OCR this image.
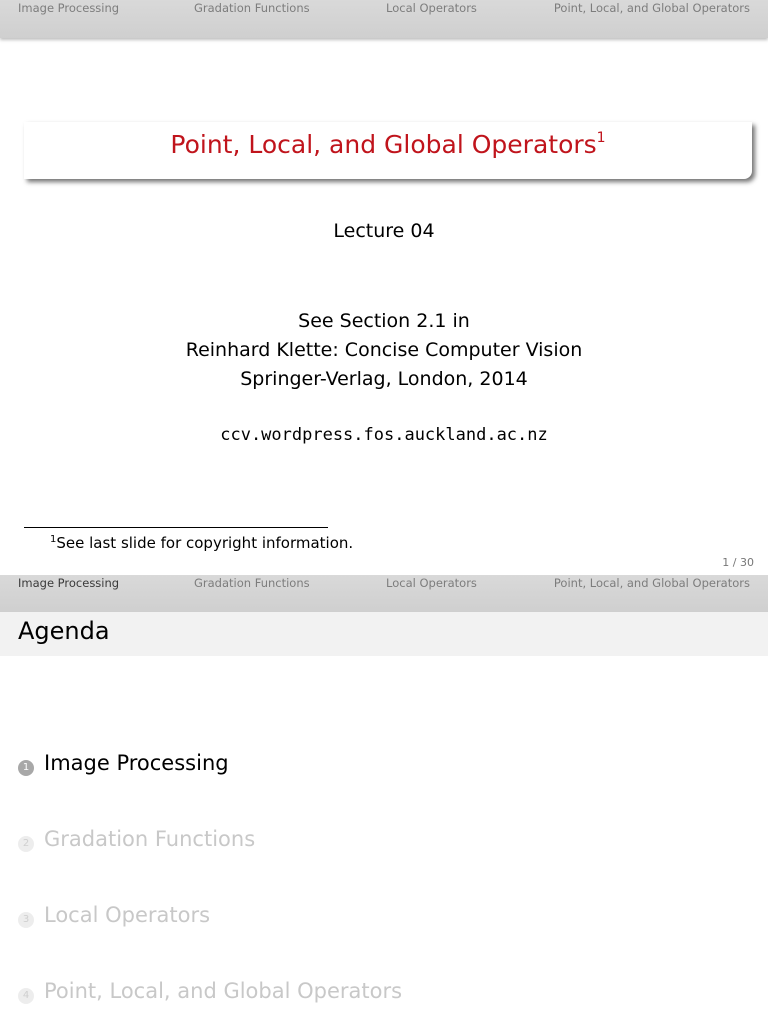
Image Processing	Gradation Functions	Local Operators	Point, Local, and Global Operators
Point, Local, and Global Operators$^1$
Lecture 04
See Section 2.1 in
Reinhard Klette: Concise Computer Vision
Springer-Verlag, London, 2014
ccv.wordpress.fos.auckland.ac.nz
$^1$See last slide for copyright information.
1 / 30
Image Processing	Gradation Functions	Local Operators	Point, Local, and Global Operators
Agenda
1 Image Processing
2 Gradation Functions
3 Local Operators
4 Point, Local, and Global Operators
